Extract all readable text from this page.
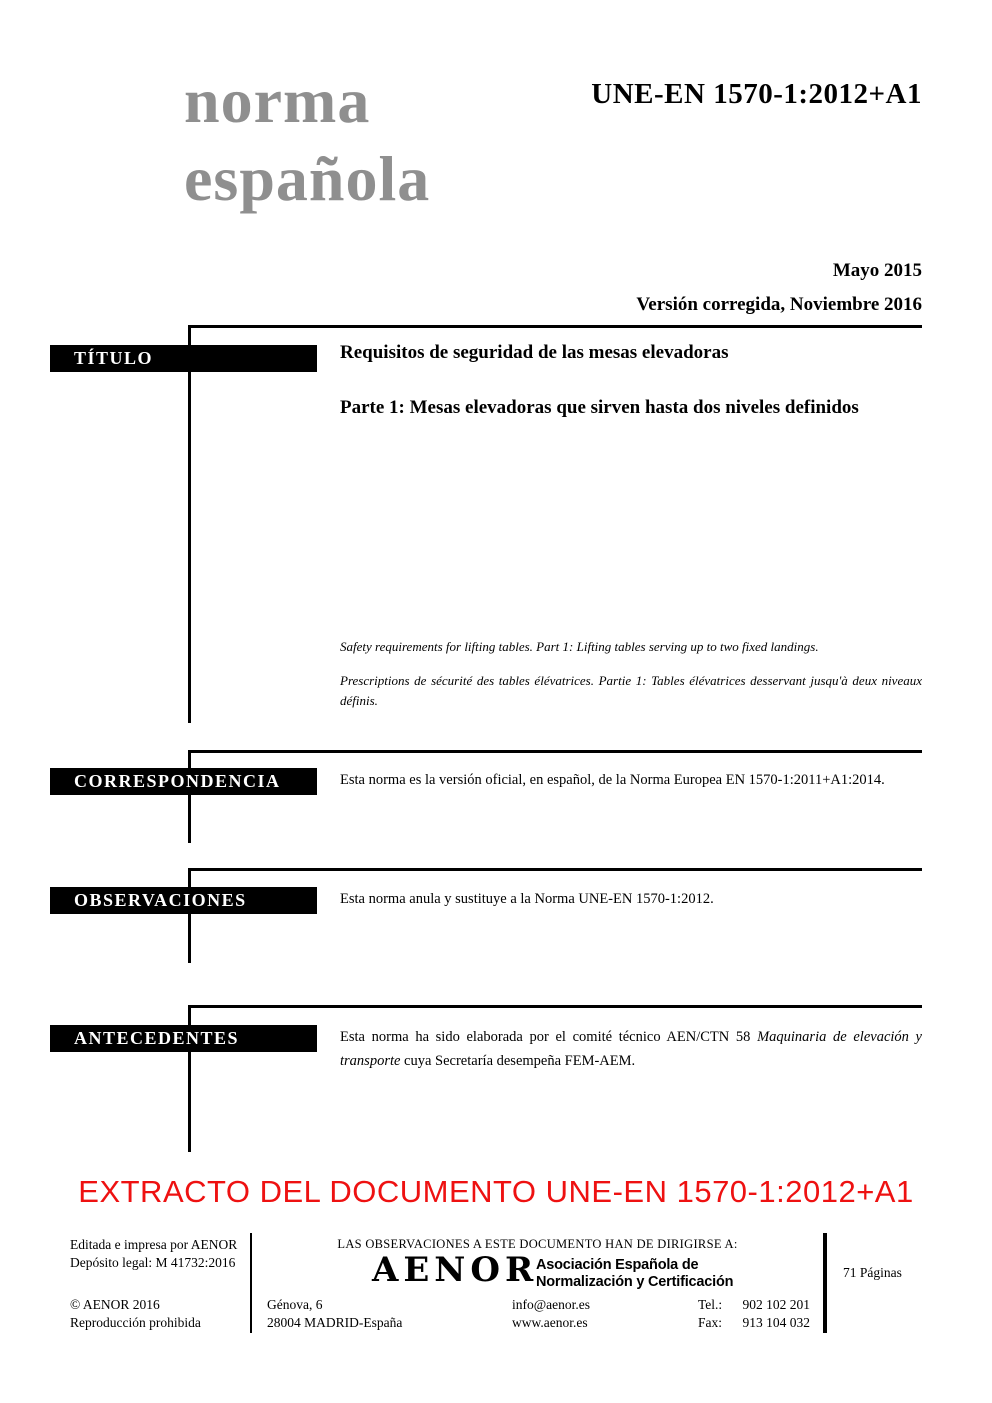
norma
española
UNE-EN 1570-1:2012+A1
Mayo 2015
Versión corregida, Noviembre 2016
TÍTULO	Requisitos de seguridad de las mesas elevadoras
Parte 1: Mesas elevadoras que sirven hasta dos niveles definidos
Safety requirements for lifting tables. Part 1: Lifting tables serving up to two fixed landings.
Prescriptions de sécurité des tables élévatrices. Partie 1: Tables élévatrices desservant jusqu'à deux niveaux définis.
CORRESPONDENCIA	Esta norma es la versión oficial, en español, de la Norma Europea EN 1570-1:2011+A1:2014.
OBSERVACIONES	Esta norma anula y sustituye a la Norma UNE-EN 1570-1:2012.
ANTECEDENTES	Esta norma ha sido elaborada por el comité técnico AEN/CTN 58 Maquinaria de elevación y transporte cuya Secretaría desempeña FEM-AEM.
EXTRACTO DEL DOCUMENTO UNE-EN 1570-1:2012+A1
Editada e impresa por AENOR
Depósito legal: M 41732:2016
© AENOR 2016
Reproducción prohibida
LAS OBSERVACIONES A ESTE DOCUMENTO HAN DE DIRIGIRSE A:
AENOR
Asociación Española de
Normalización y Certificación
Génova, 6
28004 MADRID-España
info@aenor.es
www.aenor.es
Tel.: 902 102 201
Fax: 913 104 032
71 Páginas
